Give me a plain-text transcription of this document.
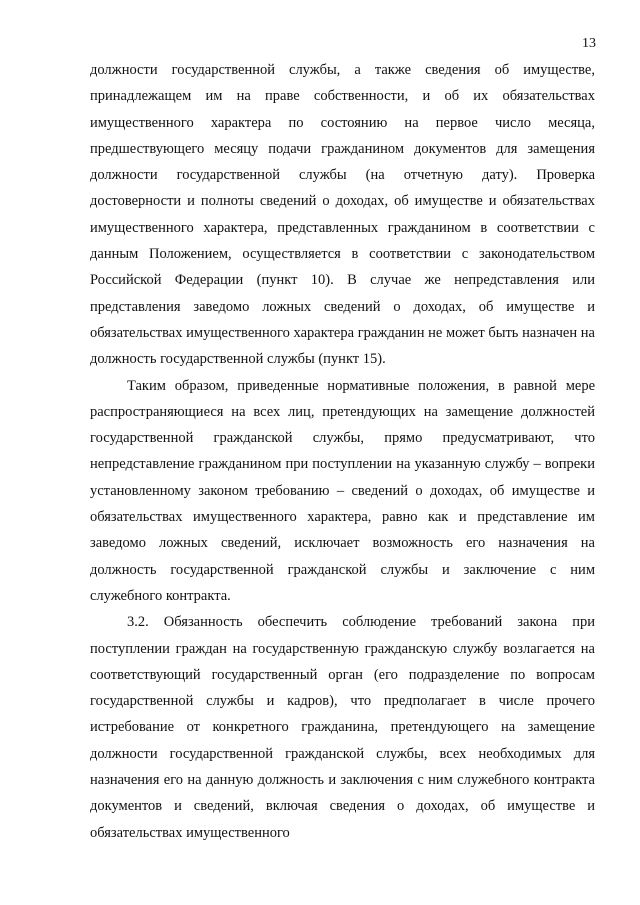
13

должности государственной службы, а также сведения об имуществе, принадлежащем им на праве собственности, и об их обязательствах имущественного характера по состоянию на первое число месяца, предшествующего месяцу подачи гражданином документов для замещения должности государственной службы (на отчетную дату). Проверка достоверности и полноты сведений о доходах, об имуществе и обязательствах имущественного характера, представленных гражданином в соответствии с данным Положением, осуществляется в соответствии с законодательством Российской Федерации (пункт 10). В случае же непредставления или представления заведомо ложных сведений о доходах, об имуществе и обязательствах имущественного характера гражданин не может быть назначен на должность государственной службы (пункт 15).

Таким образом, приведенные нормативные положения, в равной мере распространяющиеся на всех лиц, претендующих на замещение должностей государственной гражданской службы, прямо предусматривают, что непредставление гражданином при поступлении на указанную службу – вопреки установленному законом требованию – сведений о доходах, об имуществе и обязательствах имущественного характера, равно как и представление им заведомо ложных сведений, исключает возможность его назначения на должность государственной гражданской службы и заключение с ним служебного контракта.

3.2. Обязанность обеспечить соблюдение требований закона при поступлении граждан на государственную гражданскую службу возлагается на соответствующий государственный орган (его подразделение по вопросам государственной службы и кадров), что предполагает в числе прочего истребование от конкретного гражданина, претендующего на замещение должности государственной гражданской службы, всех необходимых для назначения его на данную должность и заключения с ним служебного контракта документов и сведений, включая сведения о доходах, об имуществе и обязательствах имущественного
